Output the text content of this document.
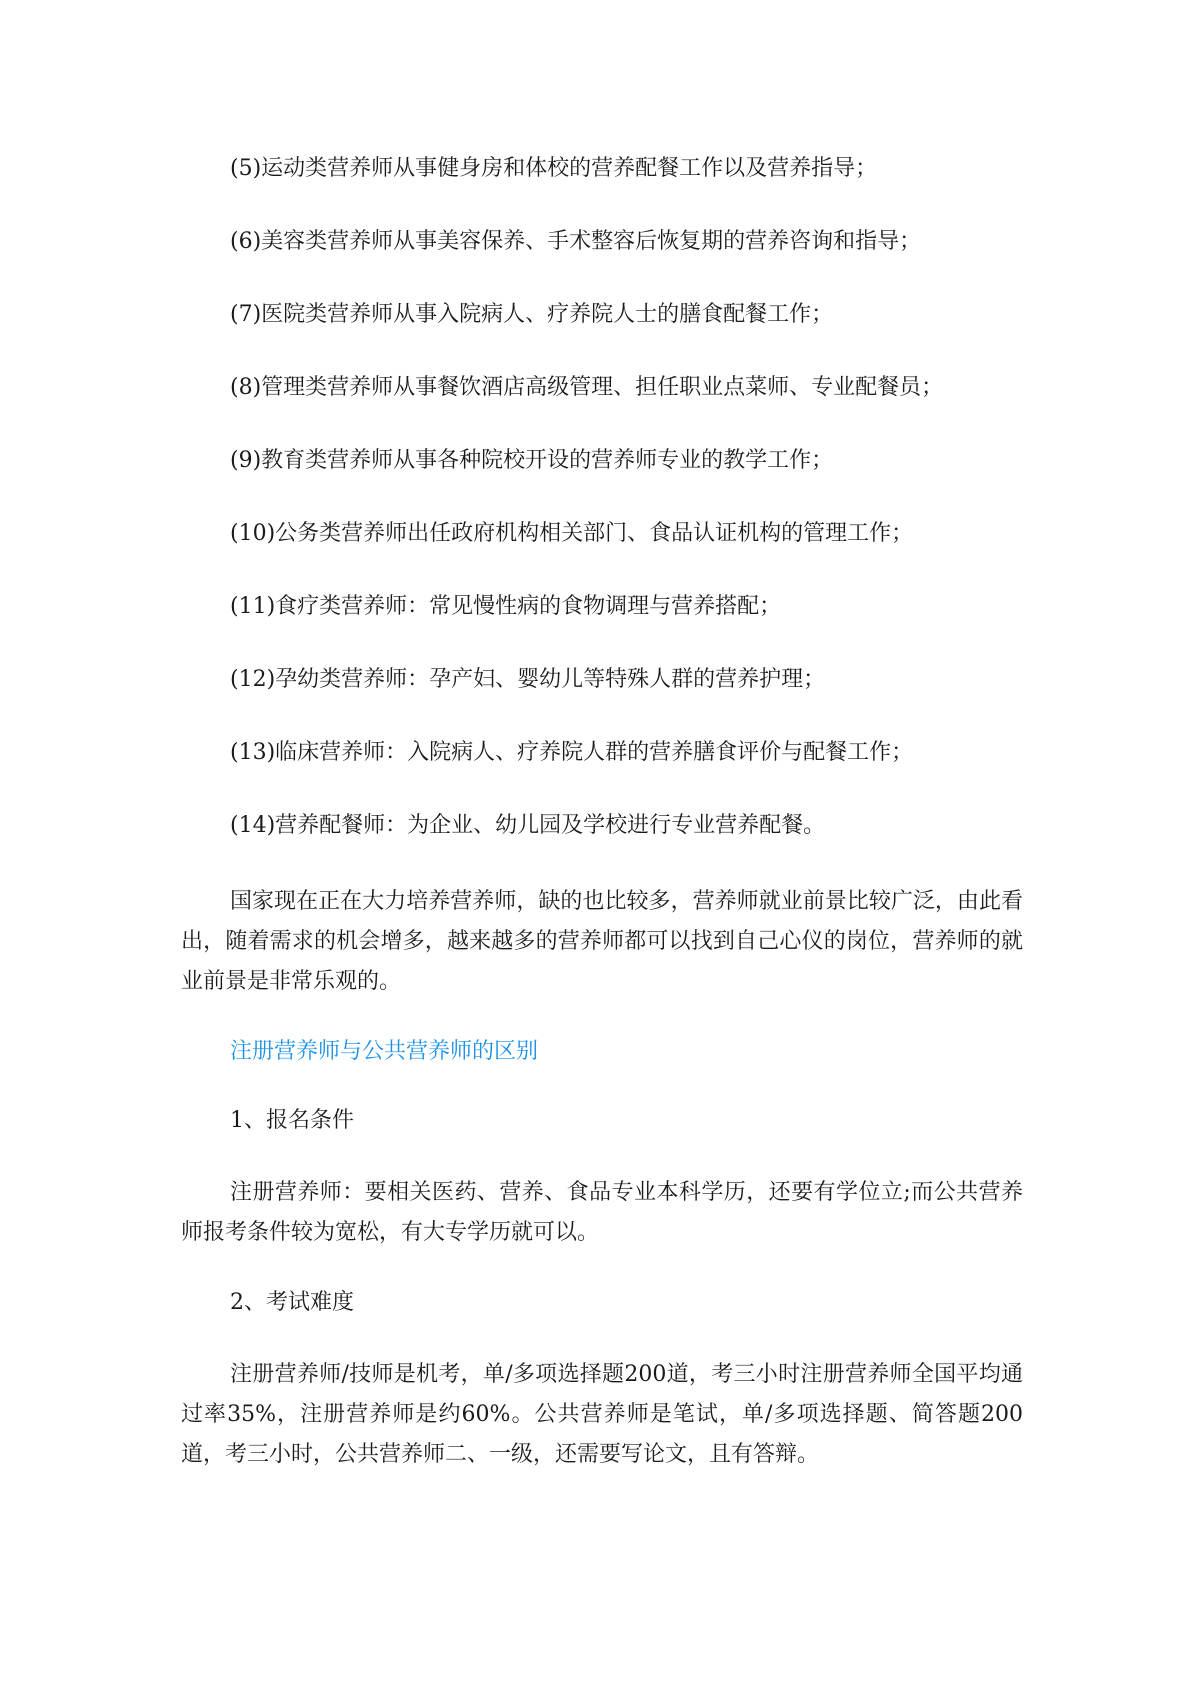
(5)运动类营养师从事健身房和体校的营养配餐工作以及营养指导；

(6)美容类营养师从事美容保养、手术整容后恢复期的营养咨询和指导；

(7)医院类营养师从事入院病人、疗养院人士的膳食配餐工作；

(8)管理类营养师从事餐饮酒店高级管理、担任职业点菜师、专业配餐员；

(9)教育类营养师从事各种院校开设的营养师专业的教学工作；

(10)公务类营养师出任政府机构相关部门、食品认证机构的管理工作；

(11)食疗类营养师：常见慢性病的食物调理与营养搭配；

(12)孕幼类营养师：孕产妇、婴幼儿等特殊人群的营养护理；

(13)临床营养师：入院病人、疗养院人群的营养膳食评价与配餐工作；

(14)营养配餐师：为企业、幼儿园及学校进行专业营养配餐。

国家现在正在大力培养营养师，缺的也比较多，营养师就业前景比较广泛，由此看出，随着需求的机会增多，越来越多的营养师都可以找到自己心仪的岗位，营养师的就业前景是非常乐观的。

注册营养师与公共营养师的区别

1、报名条件

注册营养师：要相关医药、营养、食品专业本科学历，还要有学位立;而公共营养师报考条件较为宽松，有大专学历就可以。

2、考试难度

注册营养师/技师是机考，单/多项选择题200道，考三小时注册营养师全国平均通过率35%，注册营养师是约60%。公共营养师是笔试，单/多项选择题、简答题200道，考三小时，公共营养师二、一级，还需要写论文，且有答辩。
